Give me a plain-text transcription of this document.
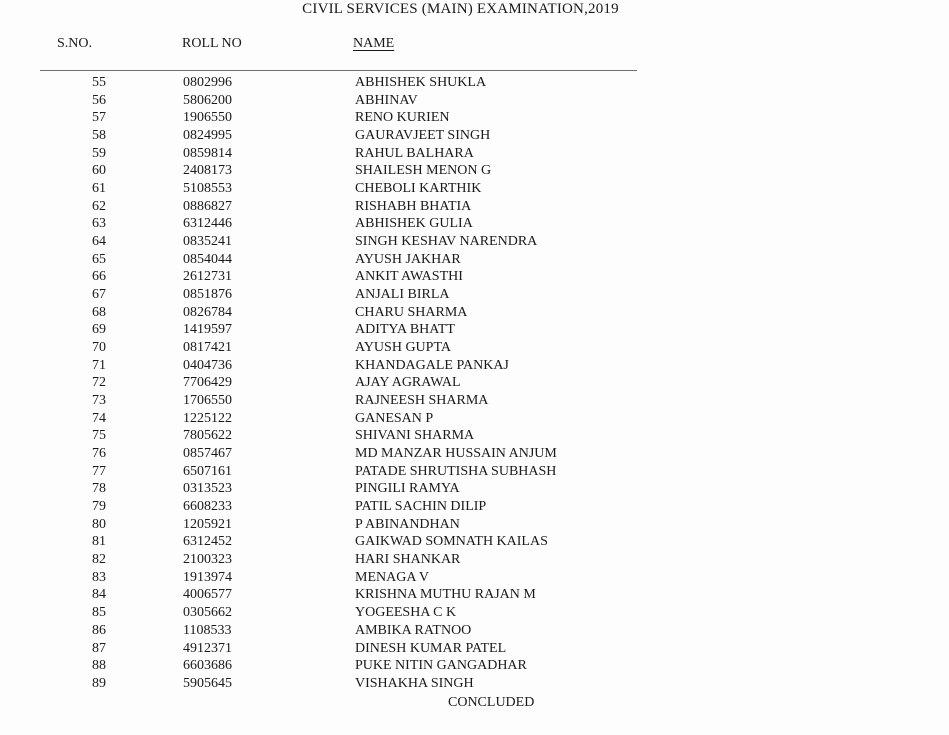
CIVIL SERVICES (MAIN) EXAMINATION,2019
S.NO.	ROLL NO	NAME
55	0802996	ABHISHEK SHUKLA
56	5806200	ABHINAV
57	1906550	RENO KURIEN
58	0824995	GAURAVJEET SINGH
59	0859814	RAHUL BALHARA
60	2408173	SHAILESH MENON G
61	5108553	CHEBOLI KARTHIK
62	0886827	RISHABH BHATIA
63	6312446	ABHISHEK GULIA
64	0835241	SINGH KESHAV NARENDRA
65	0854044	AYUSH JAKHAR
66	2612731	ANKIT AWASTHI
67	0851876	ANJALI BIRLA
68	0826784	CHARU SHARMA
69	1419597	ADITYA BHATT
70	0817421	AYUSH GUPTA
71	0404736	KHANDAGALE PANKAJ
72	7706429	AJAY AGRAWAL
73	1706550	RAJNEESH SHARMA
74	1225122	GANESAN P
75	7805622	SHIVANI SHARMA
76	0857467	MD MANZAR HUSSAIN ANJUM
77	6507161	PATADE SHRUTISHA SUBHASH
78	0313523	PINGILI RAMYA
79	6608233	PATIL SACHIN DILIP
80	1205921	P ABINANDHAN
81	6312452	GAIKWAD SOMNATH KAILAS
82	2100323	HARI SHANKAR
83	1913974	MENAGA V
84	4006577	KRISHNA MUTHU RAJAN M
85	0305662	YOGEESHA C K
86	1108533	AMBIKA RATNOO
87	4912371	DINESH KUMAR PATEL
88	6603686	PUKE NITIN GANGADHAR
89	5905645	VISHAKHA SINGH
CONCLUDED
